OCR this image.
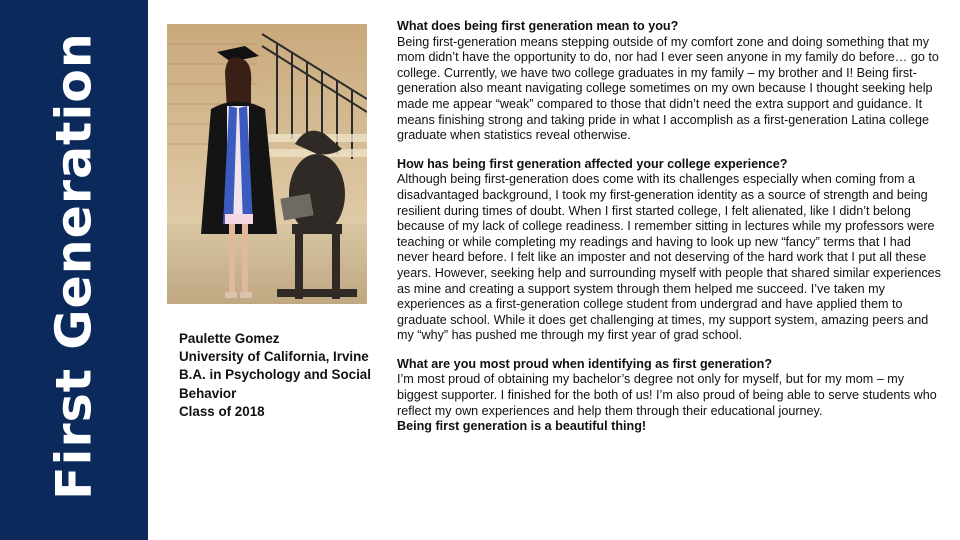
First Generation	Paulette Gomez
University of California, Irvine
B.A. in Psychology and Social
Behavior
Class of 2018
What does being first generation mean to you?

Being first-generation means stepping outside of my comfort zone and doing something that my mom didn’t have the opportunity to do, nor had I ever seen anyone in my family do before… go to college. Currently, we have two college graduates in my family – my brother and I! Being first-generation also meant navigating college sometimes on my own because I thought seeking help made me appear “weak” compared to those that didn’t need the extra support and guidance. It means finishing strong and taking pride in what I accomplish as a first-generation Latina college graduate when statistics reveal otherwise.

How has being first generation affected your college experience?

Although being first-generation does come with its challenges especially when coming from a disadvantaged background, I took my first-generation identity as a source of strength and being resilient during times of doubt. When I first started college, I felt alienated, like I didn’t belong because of my lack of college readiness. I remember sitting in lectures while my professors were teaching or while completing my readings and having to look up new “fancy” terms that I had never heard before. I felt like an imposter and not deserving of the hard work that I put all these years. However, seeking help and surrounding myself with people that shared similar experiences as mine and creating a support system through them helped me succeed. I’ve taken my experiences as a first-generation college student from undergrad and have applied them to graduate school. While it does get challenging at times, my support system, amazing peers and my “why” has pushed me through my first year of grad school.

What are you most proud when identifying as first generation?

I’m most proud of obtaining my bachelor’s degree not only for myself, but for my mom – my biggest supporter. I finished for the both of us! I’m also proud of being able to serve students who reflect my own experiences and help them through their educational journey.

Being first generation is a beautiful thing!
